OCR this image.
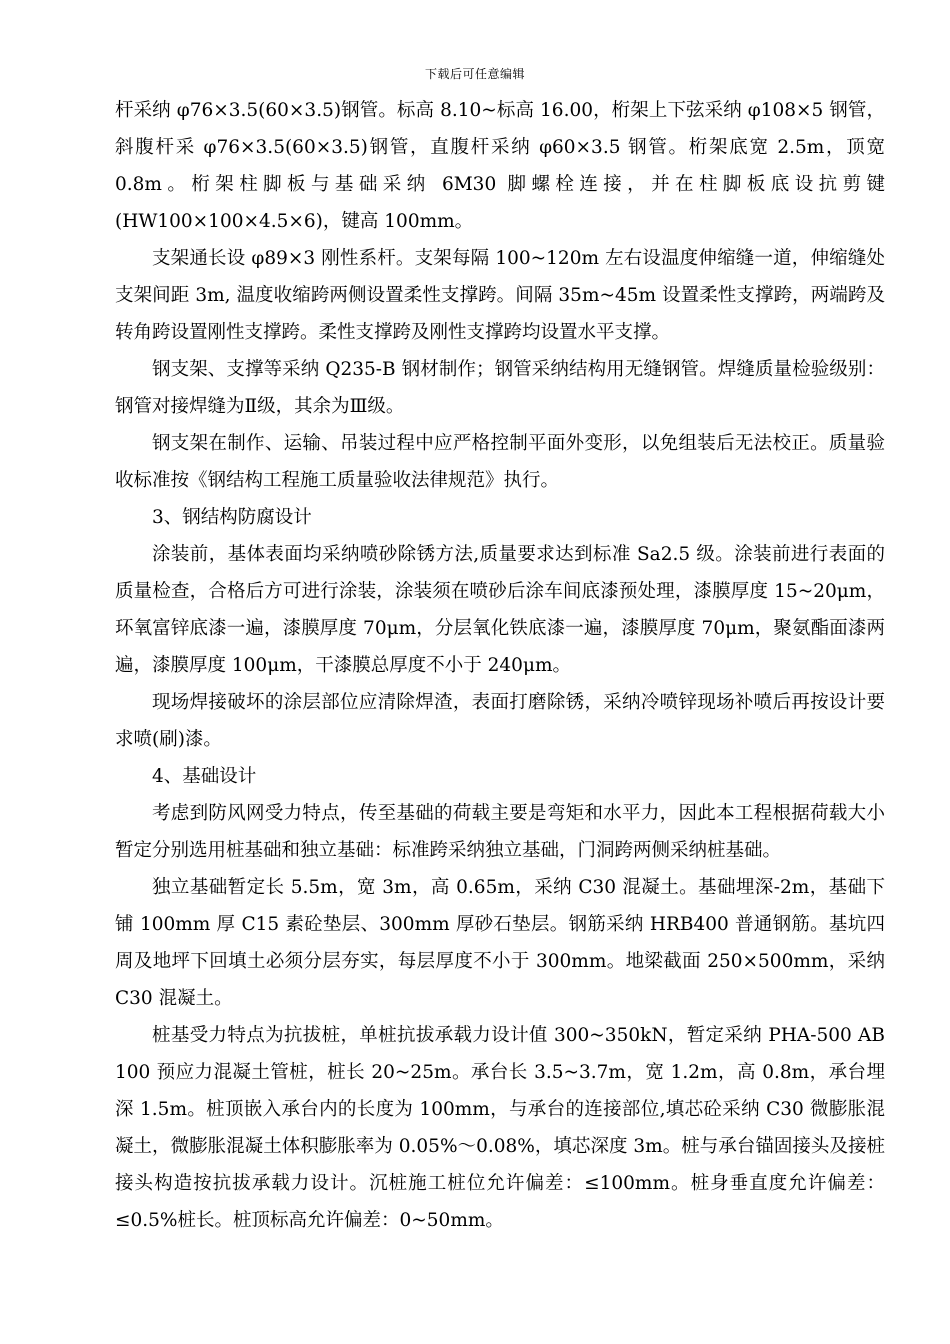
下载后可任意编辑

杆采纳 φ76×3.5(60×3.5)钢管。标高 8.10~标高 16.00，桁架上下弦采纳 φ108×5 钢管，斜腹杆采 φ76×3.5(60×3.5)钢管，直腹杆采纳 φ60×3.5 钢管。桁架底宽 2.5m，顶宽 0.8m。桁架柱脚板与基础采纳 6M30 脚螺栓连接，并在柱脚板底设抗剪键(HW100×100×4.5×6)，键高 100mm。

支架通长设 φ89×3 刚性系杆。支架每隔 100~120m 左右设温度伸缩缝一道，伸缩缝处支架间距 3m, 温度收缩跨两侧设置柔性支撑跨。间隔 35m~45m 设置柔性支撑跨，两端跨及转角跨设置刚性支撑跨。柔性支撑跨及刚性支撑跨均设置水平支撑。

钢支架、支撑等采纳 Q235-B 钢材制作；钢管采纳结构用无缝钢管。焊缝质量检验级别：钢管对接焊缝为Ⅱ级，其余为Ⅲ级。

钢支架在制作、运输、吊装过程中应严格控制平面外变形，以免组装后无法校正。质量验收标准按《钢结构工程施工质量验收法律规范》执行。

3、钢结构防腐设计

涂装前，基体表面均采纳喷砂除锈方法,质量要求达到标准 Sa2.5 级。涂装前进行表面的质量检查，合格后方可进行涂装，涂装须在喷砂后涂车间底漆预处理，漆膜厚度 15~20μm，环氧富锌底漆一遍，漆膜厚度 70μm，分层氧化铁底漆一遍，漆膜厚度 70μm，聚氨酯面漆两遍，漆膜厚度 100μm，干漆膜总厚度不小于 240μm。

现场焊接破坏的涂层部位应清除焊渣，表面打磨除锈，采纳冷喷锌现场补喷后再按设计要求喷(刷)漆。

4、基础设计

考虑到防风网受力特点，传至基础的荷载主要是弯矩和水平力，因此本工程根据荷载大小暂定分别选用桩基础和独立基础：标准跨采纳独立基础，门洞跨两侧采纳桩基础。

独立基础暂定长 5.5m，宽 3m，高 0.65m，采纳 C30 混凝土。基础埋深-2m，基础下铺 100mm 厚 C15 素砼垫层、300mm 厚砂石垫层。钢筋采纳 HRB400 普通钢筋。基坑四周及地坪下回填土必须分层夯实，每层厚度不小于 300mm。地梁截面 250×500mm，采纳 C30 混凝土。

桩基受力特点为抗拔桩，单桩抗拔承载力设计值 300~350kN，暂定采纳 PHA-500 AB 100 预应力混凝土管桩，桩长 20~25m。承台长 3.5~3.7m，宽 1.2m，高 0.8m，承台埋深 1.5m。桩顶嵌入承台内的长度为 100mm，与承台的连接部位,填芯砼采纳 C30 微膨胀混凝土，微膨胀混凝土体积膨胀率为 0.05%～0.08%，填芯深度 3m。桩与承台锚固接头及接桩接头构造按抗拔承载力设计。沉桩施工桩位允许偏差：≤100mm。桩身垂直度允许偏差：≤0.5%桩长。桩顶标高允许偏差：0~50mm。
